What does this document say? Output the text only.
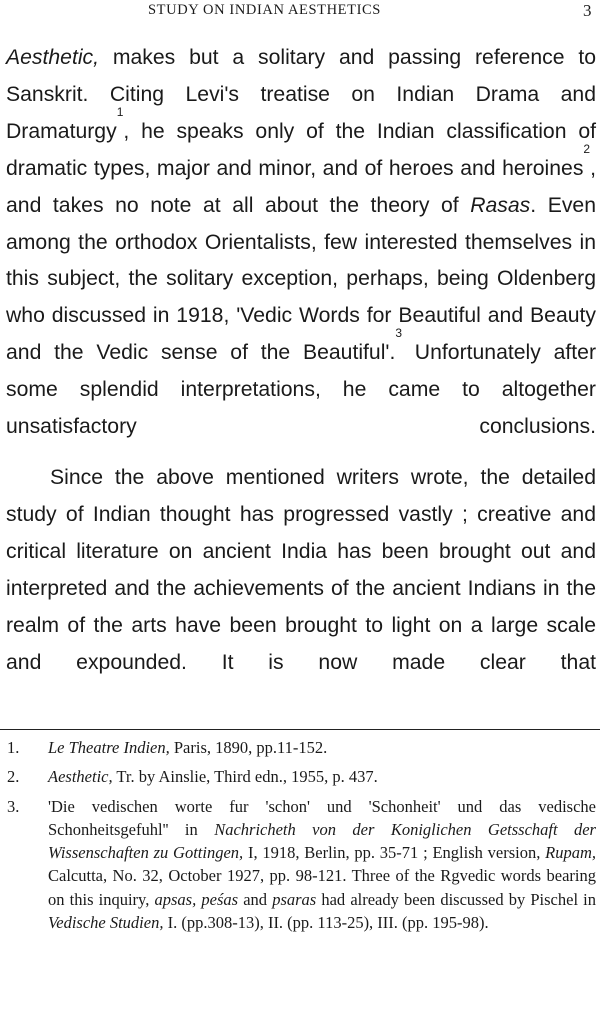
STUDY ON INDIAN AESTHETICS	3

Aesthetic, makes but a solitary and passing reference to Sanskrit. Citing Levi's treatise on Indian Drama and Dramaturgy$^1$, he speaks only of the Indian classification of dramatic types, major and minor, and of heroes and heroines$^2$, and takes no note at all about the theory of Rasas. Even among the orthodox Orientalists, few interested themselves in this subject, the solitary exception, perhaps, being Oldenberg who discussed in 1918, 'Vedic Words for Beautiful and Beauty and the Vedic sense of the Beautiful'.$^3$ Unfortunately after some splendid interpretations, he came to altogether unsatisfactory conclusions.

Since the above mentioned writers wrote, the detailed study of Indian thought has progressed vastly ; creative and critical literature on ancient India has been brought out and interpreted and the achievements of the ancient Indians in the realm of the arts have been brought to light on a large scale and expounded. It is now made clear that

1.	Le Theatre Indien, Paris, 1890, pp.11-152.
2.	Aesthetic, Tr. by Ainslie, Third edn., 1955, p. 437.
3.	'Die vedischen worte fur 'schon' und 'Schonheit' und das vedische Schonheitsgefuhl'' in Nachricheth von der Koniglichen Getsschaft der Wissenschaften zu Gottingen, I, 1918, Berlin, pp. 35-71 ; English version, Rupam, Calcutta, No. 32, October 1927, pp. 98-121. Three of the Rgvedic words bearing on this inquiry, apsas, peśas and psaras had already been discussed by Pischel in Vedische Studien, I. (pp.308-13), II. (pp. 113-25), III. (pp. 195-98).
